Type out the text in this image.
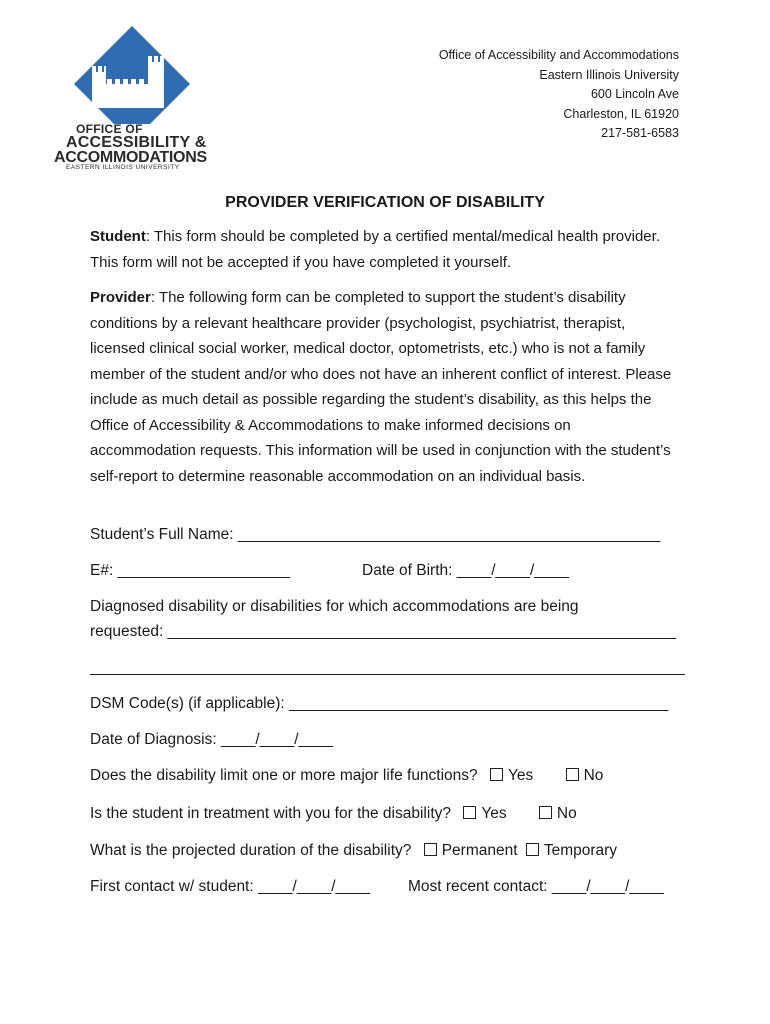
OFFICE OF
ACCESSIBILITY &
ACCOMMODATIONS
EASTERN ILLINOIS UNIVERSITY
Office of Accessibility and Accommodations
Eastern Illinois University
600 Lincoln Ave
Charleston, IL 61920
217-581-6583
PROVIDER VERIFICATION OF DISABILITY
Student: This form should be completed by a certified mental/medical health provider. This form will not be accepted if you have completed it yourself.
Provider: The following form can be completed to support the student’s disability conditions by a relevant healthcare provider (psychologist, psychiatrist, therapist, licensed clinical social worker, medical doctor, optometrists, etc.) who is not a family member of the student and/or who does not have an inherent conflict of interest. Please include as much detail as possible regarding the student’s disability, as this helps the Office of Accessibility & Accommodations to make informed decisions on accommodation requests. This information will be used in conjunction with the student’s self-report to determine reasonable accommodation on an individual basis.
Student’s Full Name: _________________________________________________
E#: ____________________	Date of Birth: ____/____/____
Diagnosed disability or disabilities for which accommodations are being
requested: ___________________________________________________________
_____________________________________________________________________
DSM Code(s) (if applicable): ____________________________________________
Date of Diagnosis: ____/____/____
Does the disability limit one or more major life functions? Yes	No
Is the student in treatment with you for the disability? Yes	No
What is the projected duration of the disability? Permanent Temporary
First contact w/ student: ____/____/____ Most recent contact: ____/____/____
